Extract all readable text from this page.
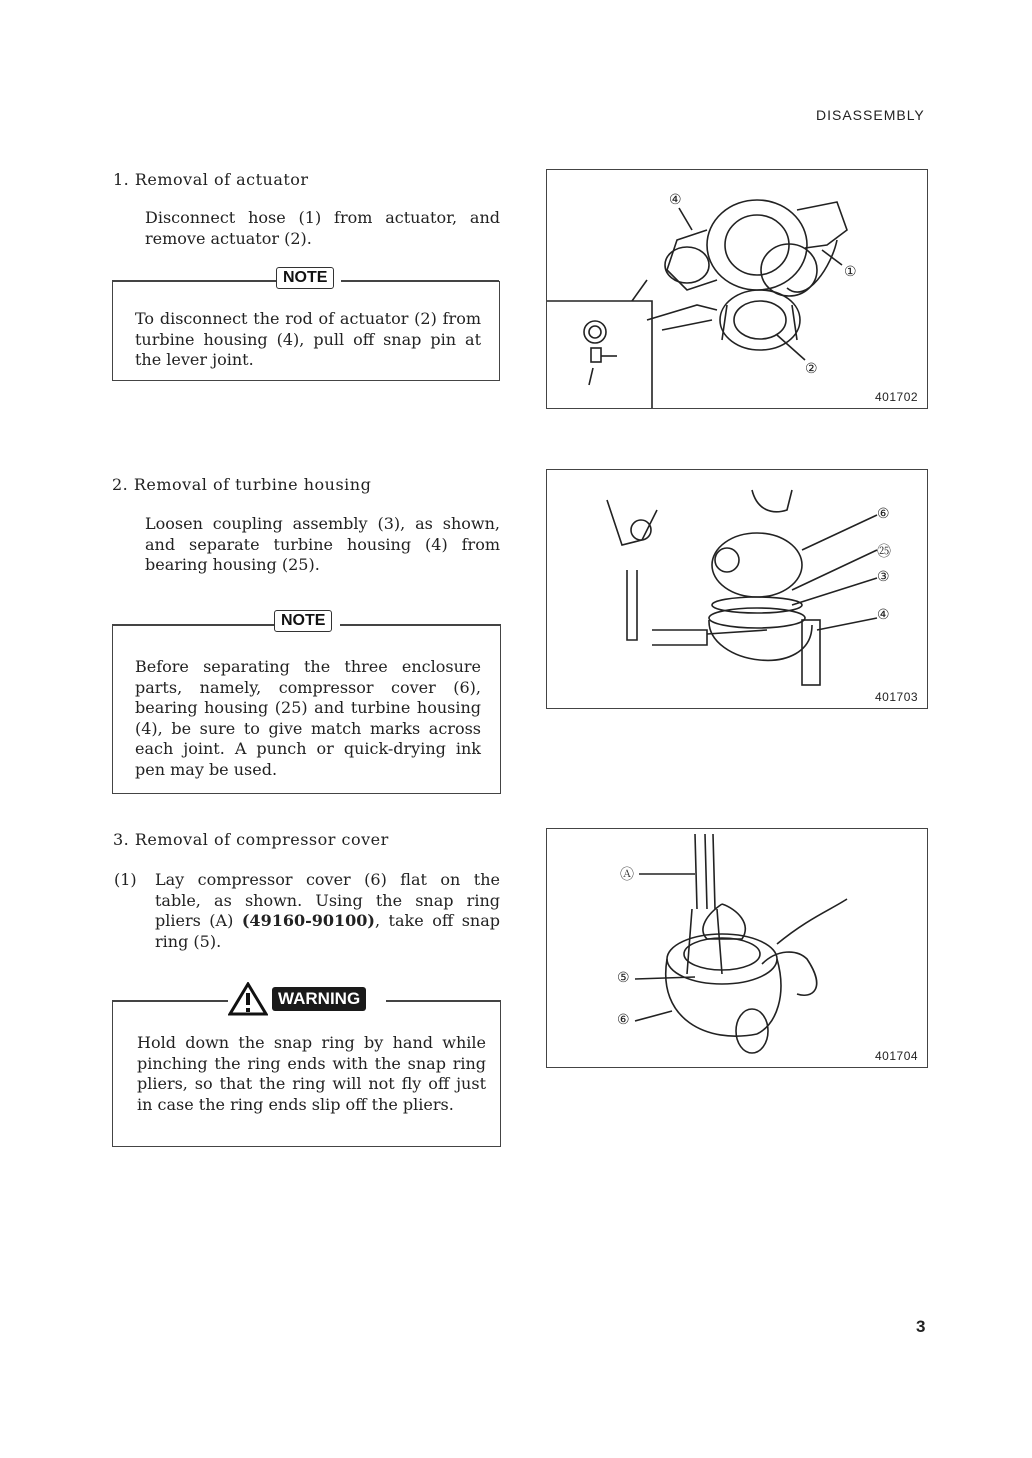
DISASSEMBLY
1. Removal of actuator
Disconnect hose (1) from actuator, and remove actuator (2).
NOTE
To disconnect the rod of actuator (2) from turbine housing (4), pull off snap pin at the lever joint.
④
①
②
401702
2. Removal of turbine housing
Loosen coupling assembly (3), as shown, and separate turbine housing (4) from bearing housing (25).
NOTE
Before separating the three enclosure parts, namely, compressor cover (6), bearing housing (25) and turbine housing (4), be sure to give match marks across each joint. A punch or quick-drying ink pen may be used.
⑥
㉕
③
④
401703
3. Removal of compressor cover
(1) Lay compressor cover (6) flat on the table, as shown. Using the snap ring pliers (A) (49160-90100), take off snap ring (5).
WARNING
Hold down the snap ring by hand while pinching the ring ends with the snap ring pliers, so that the ring will not fly off just in case the ring ends slip off the pliers.
Ⓐ
⑤
⑥
401704
3
